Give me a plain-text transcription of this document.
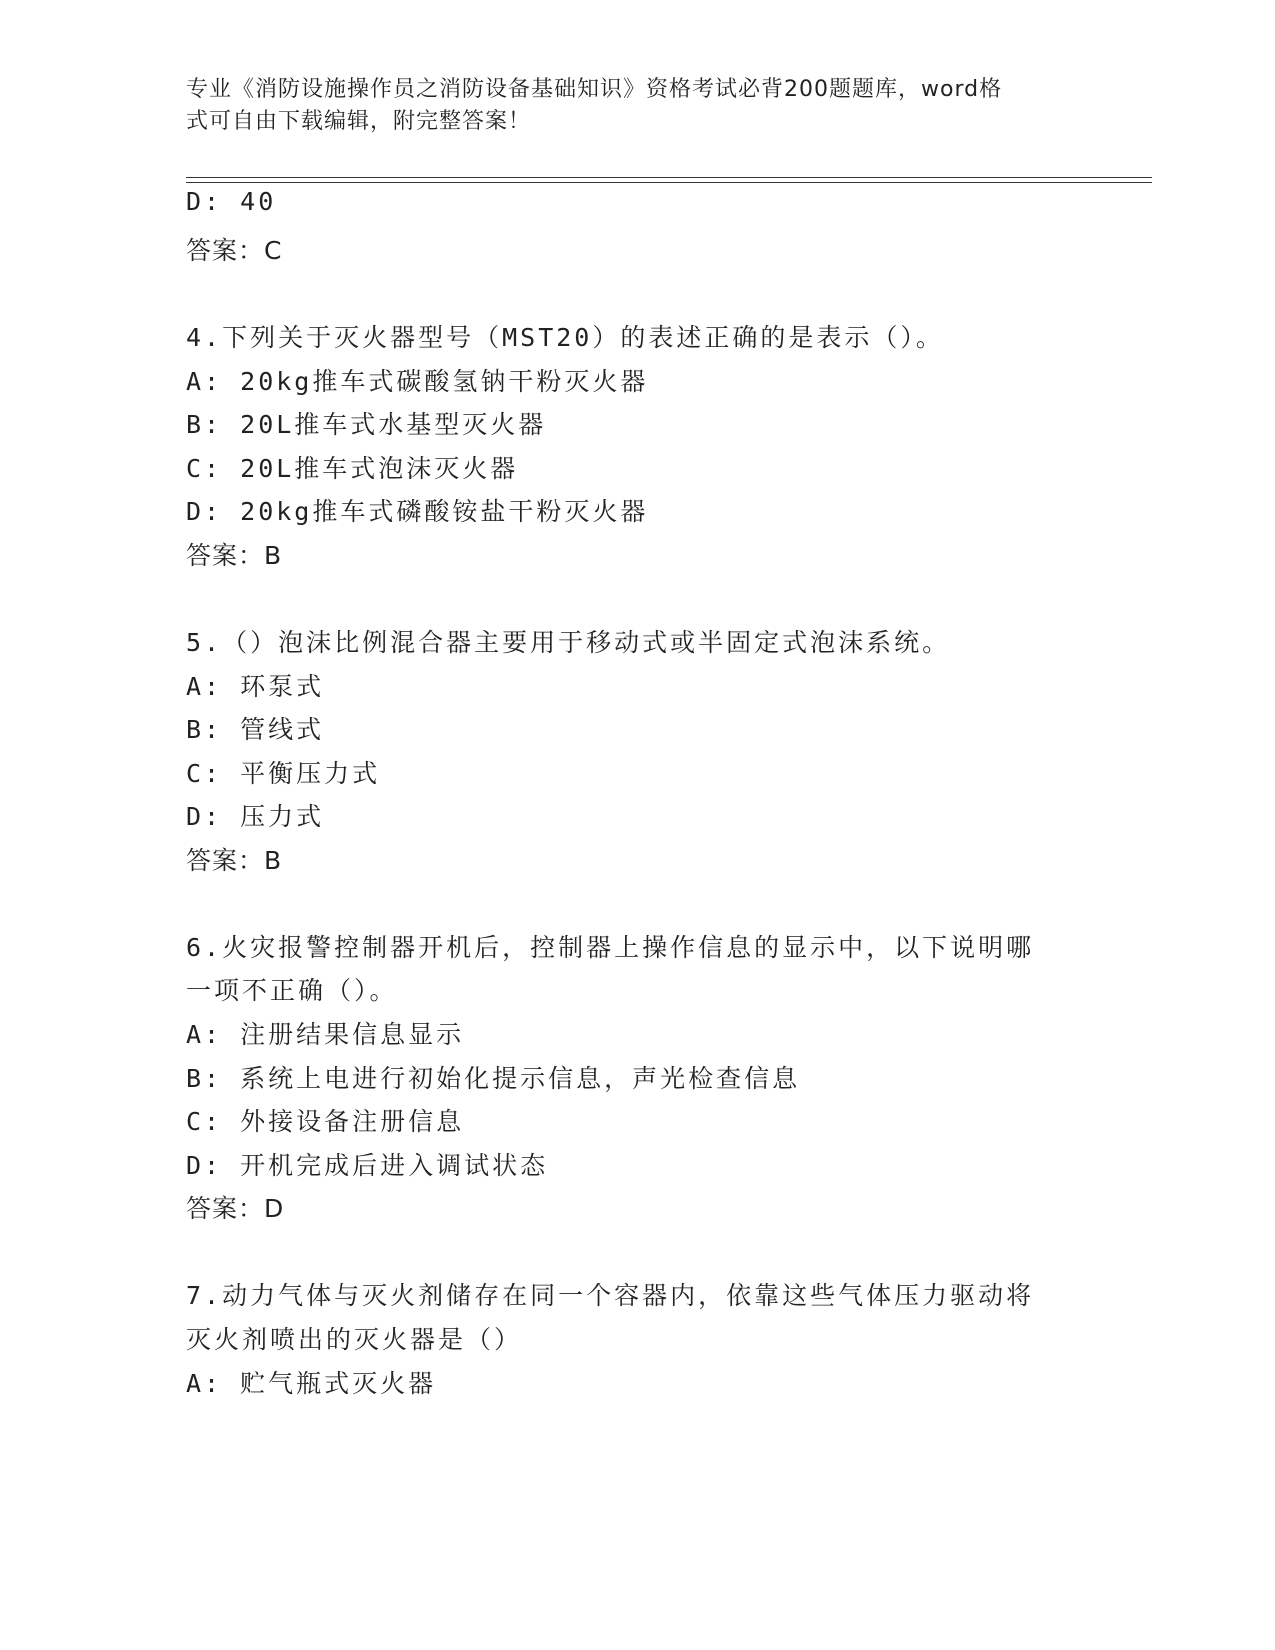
专业《消防设施操作员之消防设备基础知识》资格考试必背200题题库，word格
式可自由下载编辑，附完整答案！
D: 40
答案：C
4.下列关于灭火器型号（MST20）的表述正确的是表示（）。
A: 20kg推车式碳酸氢钠干粉灭火器
B: 20L推车式水基型灭火器
C: 20L推车式泡沫灭火器
D: 20kg推车式磷酸铵盐干粉灭火器
答案：B
5.（）泡沫比例混合器主要用于移动式或半固定式泡沫系统。
A: 环泵式
B: 管线式
C: 平衡压力式
D: 压力式
答案：B
6.火灾报警控制器开机后，控制器上操作信息的显示中，以下说明哪
一项不正确（）。
A: 注册结果信息显示
B: 系统上电进行初始化提示信息，声光检查信息
C: 外接设备注册信息
D: 开机完成后进入调试状态
答案：D
7.动力气体与灭火剂储存在同一个容器内，依靠这些气体压力驱动将
灭火剂喷出的灭火器是（）
A: 贮气瓶式灭火器
